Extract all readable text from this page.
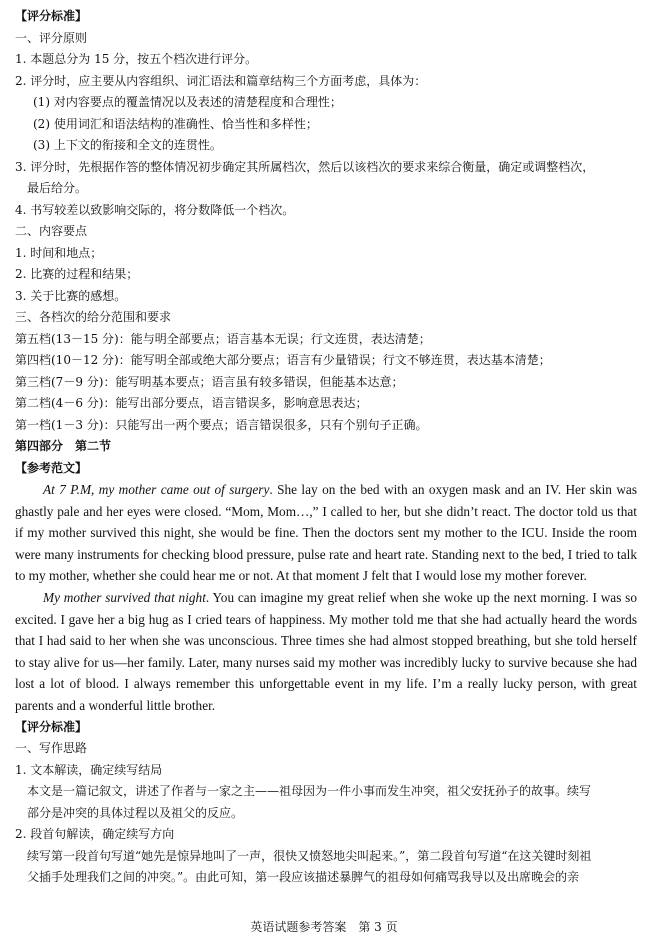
【评分标准】
一、评分原则
1. 本题总分为 15 分，按五个档次进行评分。
2. 评分时，应主要从内容组织、词汇语法和篇章结构三个方面考虑，具体为：
(1) 对内容要点的覆盖情况以及表述的清楚程度和合理性；
(2) 使用词汇和语法结构的准确性、恰当性和多样性；
(3) 上下文的衔接和全文的连贯性。
3. 评分时，先根据作答的整体情况初步确定其所属档次，然后以该档次的要求来综合衡量，确定或调整档次，
最后给分。
4. 书写较差以致影响交际的，将分数降低一个档次。
二、内容要点
1. 时间和地点；
2. 比赛的过程和结果；
3. 关于比赛的感想。
三、各档次的给分范围和要求
第五档(13－15 分)：能与明全部要点；语言基本无误；行文连贯，表达清楚；
第四档(10－12 分)：能写明全部或绝大部分要点；语言有少量错误；行文不够连贯，表达基本清楚；
第三档(7－9 分)：能写明基本要点；语言虽有较多错误，但能基本达意；
第二档(4－6 分)：能写出部分要点，语言错误多，影响意思表达；
第一档(1－3 分)：只能写出一两个要点；语言错误很多，只有个别句子正确。
第四部分　第二节
【参考范文】
At 7 P.M, my mother came out of surgery. She lay on the bed with an oxygen mask and an IV. Her skin was ghastly pale and her eyes were closed. “Mom, Mom…,” I called to her, but she didn’t react. The doctor told us that if my mother survived this night, she would be fine. Then the doctors sent my mother to the ICU. Inside the room were many instruments for checking blood pressure, pulse rate and heart rate. Standing next to the bed, I tried to talk to my mother, whether she could hear me or not. At that moment J felt that I would lose my mother forever.
My mother survived that night. You can imagine my great relief when she woke up the next morning. I was so excited. I gave her a big hug as I cried tears of happiness. My mother told me that she had actually heard the words that I had said to her when she was unconscious. Three times she had almost stopped breathing, but she told herself to stay alive for us—her family. Later, many nurses said my mother was incredibly lucky to survive because she had lost a lot of blood. I always remember this unforgettable event in my life. I’m a really lucky person, with great parents and a wonderful little brother.
【评分标准】
一、写作思路
1. 文本解读，确定续写结局
本文是一篇记叙文，讲述了作者与一家之主——祖母因为一件小事而发生冲突，祖父安抚孙子的故事。续写
部分是冲突的具体过程以及祖父的反应。
2. 段首句解读，确定续写方向
续写第一段首句写道“她先是惊异地叫了一声，很快又愤怒地尖叫起来。”，第二段首句写道“在这关键时刻祖
父插手处理我们之间的冲突。”。由此可知，第一段应该描述暴脾气的祖母如何痛骂我导以及出席晚会的亲
英语试题参考答案　第 3 页
